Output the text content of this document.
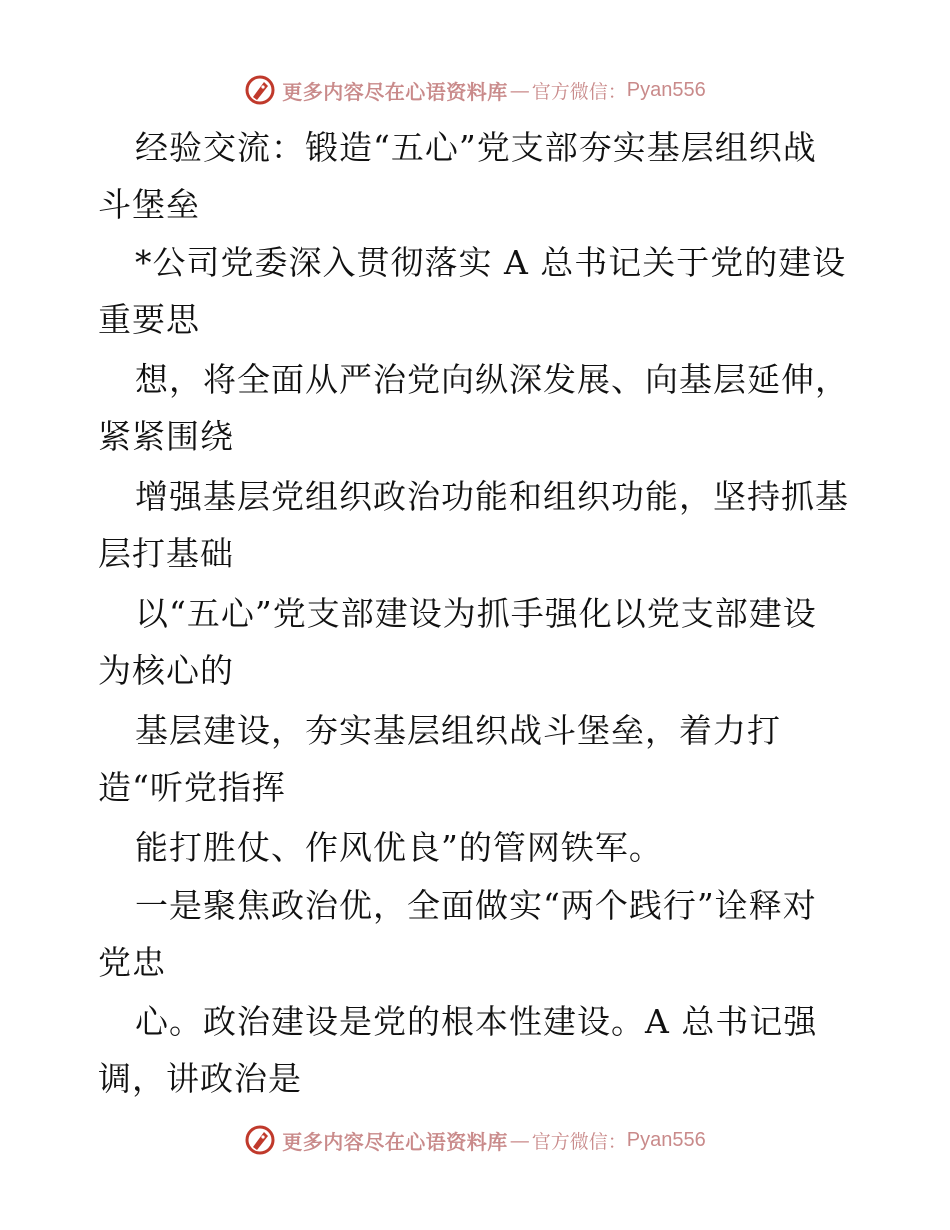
更多内容尽在心语资料库 — 官方微信： Pyan556
经验交流：锻造“五心”党支部夯实基层组织战
斗堡垒
*公司党委深入贯彻落实 A 总书记关于党的建设
重要思
想，将全面从严治党向纵深发展、向基层延伸，
紧紧围绕
增强基层党组织政治功能和组织功能，坚持抓基
层打基础
以“五心”党支部建设为抓手强化以党支部建设
为核心的
基层建设，夯实基层组织战斗堡垒，着力打
造“听党指挥
能打胜仗、作风优良”的管网铁军。
一是聚焦政治优，全面做实“两个践行”诠释对
党忠
心。政治建设是党的根本性建设。A 总书记强
调，讲政治是
更多内容尽在心语资料库 — 官方微信： Pyan556
